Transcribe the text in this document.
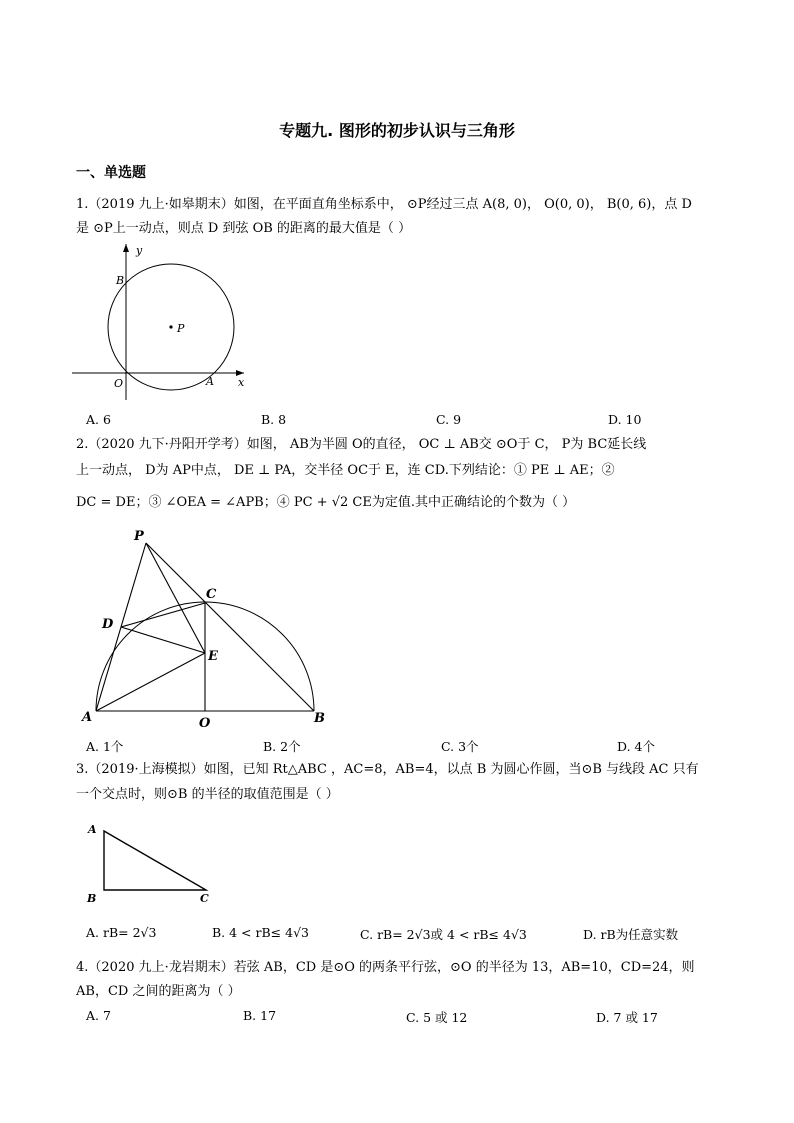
专题九. 图形的初步认识与三角形
一、单选题
1.（2019 九上·如皋期末）如图，在平面直角坐标系中， ⊙P经过三点 A(8, 0)， O(0, 0)， B(0, 6)，点 D
是 ⊙P上一动点，则点 D 到弦 OB 的距离的最大值是（ ）
y
x
B
P
O	A
A. 6	B. 8	C. 9	D. 10
2.（2020 九下·丹阳开学考）如图， AB为半圆 O的直径， OC ⊥ AB交 ⊙O于 C， P为 BC延长线
上一动点， D为 AP中点， DE ⊥ PA，交半径 OC于 E，连 CD.下列结论：① PE ⊥ AE；②
DC = DE；③ ∠OEA = ∠APB；④ PC + √2 CE为定值.其中正确结论的个数为（ ）
P
C
D
E
A	O	B
A. 1个	B. 2个	C. 3个	D. 4个
3.（2019·上海模拟）如图，已知 Rt△ABC ，AC=8，AB=4，以点 B 为圆心作圆，当⊙B 与线段 AC 只有
一个交点时，则⊙B 的半径的取值范围是（ ）
A
B	C
A. rB= 2√3	B. 4 < rB≤ 4√3	C. rB= 2√3或 4 < rB≤ 4√3	D. rB为任意实数
4.（2020 九上·龙岩期末）若弦 AB，CD 是⊙O 的两条平行弦，⊙O 的半径为 13，AB=10，CD=24，则
AB，CD 之间的距离为（ ）
A. 7	B. 17	C. 5 或 12	D. 7 或 17
